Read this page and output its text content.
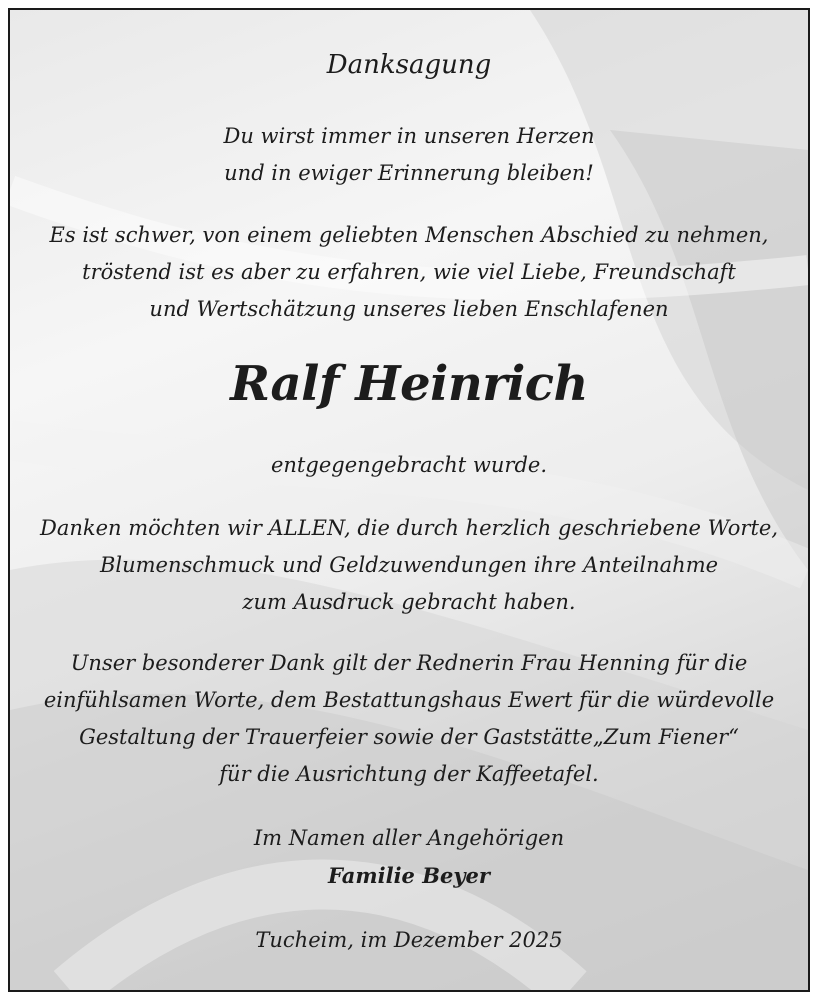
Danksagung
Du wirst immer in unseren Herzen
und in ewiger Erinnerung bleiben!
Es ist schwer, von einem geliebten Menschen Abschied zu nehmen,
tröstend ist es aber zu erfahren, wie viel Liebe, Freundschaft
und Wertschätzung unseres lieben Enschlafenen
Ralf Heinrich
entgegengebracht wurde.
Danken möchten wir ALLEN, die durch herzlich geschriebene Worte,
Blumenschmuck und Geldzuwendungen ihre Anteilnahme
zum Ausdruck gebracht haben.
Unser besonderer Dank gilt der Rednerin Frau Henning für die
einfühlsamen Worte, dem Bestattungshaus Ewert für die würdevolle
Gestaltung der Trauerfeier sowie der Gaststätte„Zum Fiener“
für die Ausrichtung der Kaffeetafel.
Im Namen aller Angehörigen
Familie Beyer
Tucheim, im Dezember 2025
